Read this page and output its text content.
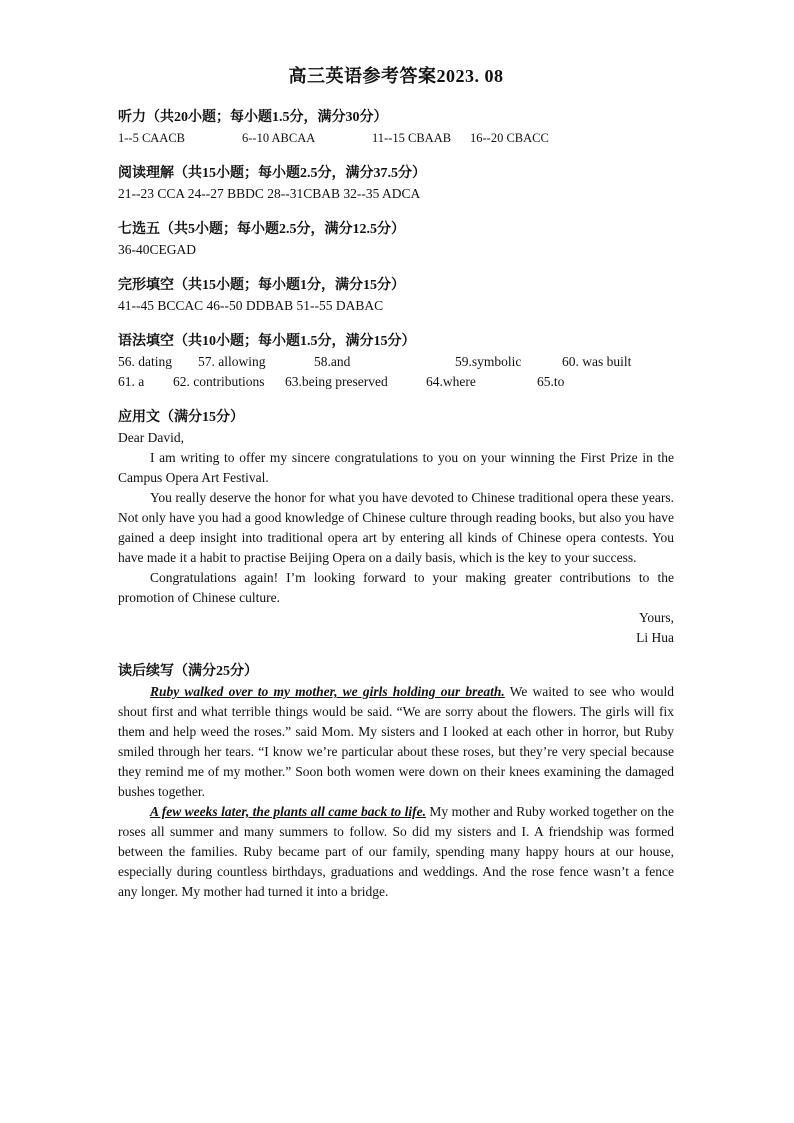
高三英语参考答案2023. 08

听力（共20小题；每小题1.5分，满分30分）

1--5 CAACB	6--10 ABCAA	11--15 CBAAB 16--20 CBACC

阅读理解（共15小题；每小题2.5分，满分37.5分）

21--23 CCA 24--27 BBDC 28--31CBAB 32--35 ADCA

七选五（共5小题；每小题2.5分，满分12.5分）

36-40CEGAD

完形填空（共15小题；每小题1分，满分15分）

41--45 BCCAC 46--50 DDBAB 51--55 DABAC

语法填空（共10小题；每小题1.5分，满分15分）

56. dating 57. allowing	58.and	59.symbolic	60. was built

61. a 62. contributions 63.being preserved	64.where	65.to

应用文（满分15分）

Dear David,

I am writing to offer my sincere congratulations to you on your winning the First Prize in the Campus Opera Art Festival.

You really deserve the honor for what you have devoted to Chinese traditional opera these years. Not only have you had a good knowledge of Chinese culture through reading books, but also you have gained a deep insight into traditional opera art by entering all kinds of Chinese opera contests. You have made it a habit to practise Beijing Opera on a daily basis, which is the key to your success.

Congratulations again! I’m looking forward to your making greater contributions to the promotion of Chinese culture.

Yours,

Li Hua

读后续写（满分25分）

Ruby walked over to my mother, we girls holding our breath. We waited to see who would shout first and what terrible things would be said. “We are sorry about the flowers. The girls will fix them and help weed the roses.” said Mom. My sisters and I looked at each other in horror, but Ruby smiled through her tears. “I know we’re particular about these roses, but they’re very special because they remind me of my mother.” Soon both women were down on their knees examining the damaged bushes together.

A few weeks later, the plants all came back to life. My mother and Ruby worked together on the roses all summer and many summers to follow. So did my sisters and I. A friendship was formed between the families. Ruby became part of our family, spending many happy hours at our house, especially during countless birthdays, graduations and weddings. And the rose fence wasn’t a fence any longer. My mother had turned it into a bridge.
